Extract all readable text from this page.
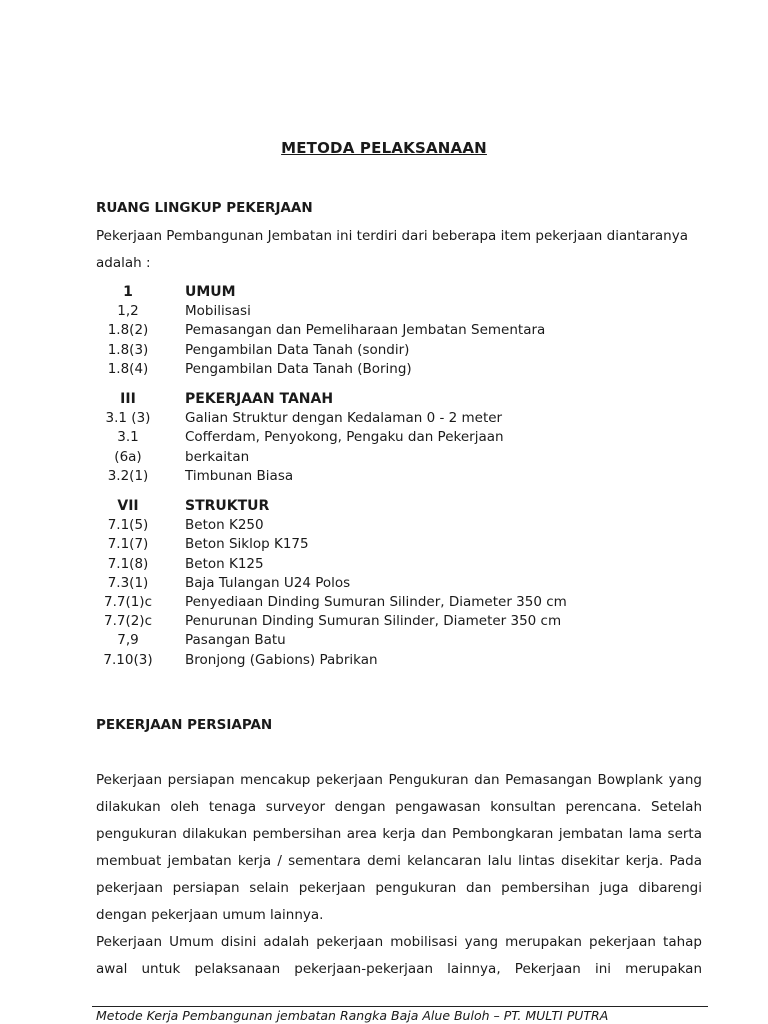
METODA PELAKSANAAN
RUANG LINGKUP PEKERJAAN

Pekerjaan Pembangunan Jembatan ini terdiri dari beberapa item pekerjaan diantaranya adalah :

1	UMUM
1,2	Mobilisasi
1.8(2)	Pemasangan dan Pemeliharaan Jembatan Sementara
1.8(3)	Pengambilan Data Tanah (sondir)
1.8(4)	Pengambilan Data Tanah (Boring)
III	PEKERJAAN TANAH
3.1 (3)	Galian Struktur dengan Kedalaman 0 - 2 meter
3.1	Cofferdam, Penyokong, Pengaku dan Pekerjaan
(6a)	berkaitan
3.2(1)	Timbunan Biasa
VII	STRUKTUR
7.1(5)	Beton K250
7.1(7)	Beton Siklop K175
7.1(8)	Beton K125
7.3(1)	Baja Tulangan U24 Polos
7.7(1)c	Penyediaan Dinding Sumuran Silinder, Diameter 350 cm
7.7(2)c	Penurunan Dinding Sumuran Silinder, Diameter 350 cm
7,9	Pasangan Batu
7.10(3)	Bronjong (Gabions) Pabrikan
PEKERJAAN PERSIAPAN
Pekerjaan persiapan mencakup pekerjaan Pengukuran dan Pemasangan Bowplank yang dilakukan oleh tenaga surveyor dengan pengawasan konsultan perencana. Setelah pengukuran dilakukan pembersihan area kerja dan Pembongkaran jembatan lama serta membuat jembatan kerja / sementara demi kelancaran lalu lintas disekitar kerja. Pada pekerjaan persiapan selain pekerjaan pengukuran dan pembersihan juga dibarengi dengan pekerjaan umum lainnya.
Pekerjaan Umum disini adalah pekerjaan mobilisasi yang merupakan pekerjaan tahap awal untuk pelaksanaan pekerjaan-pekerjaan lainnya, Pekerjaan ini merupakan
Metode Kerja Pembangunan jembatan Rangka Baja Alue Buloh – PT. MULTI PUTRA
